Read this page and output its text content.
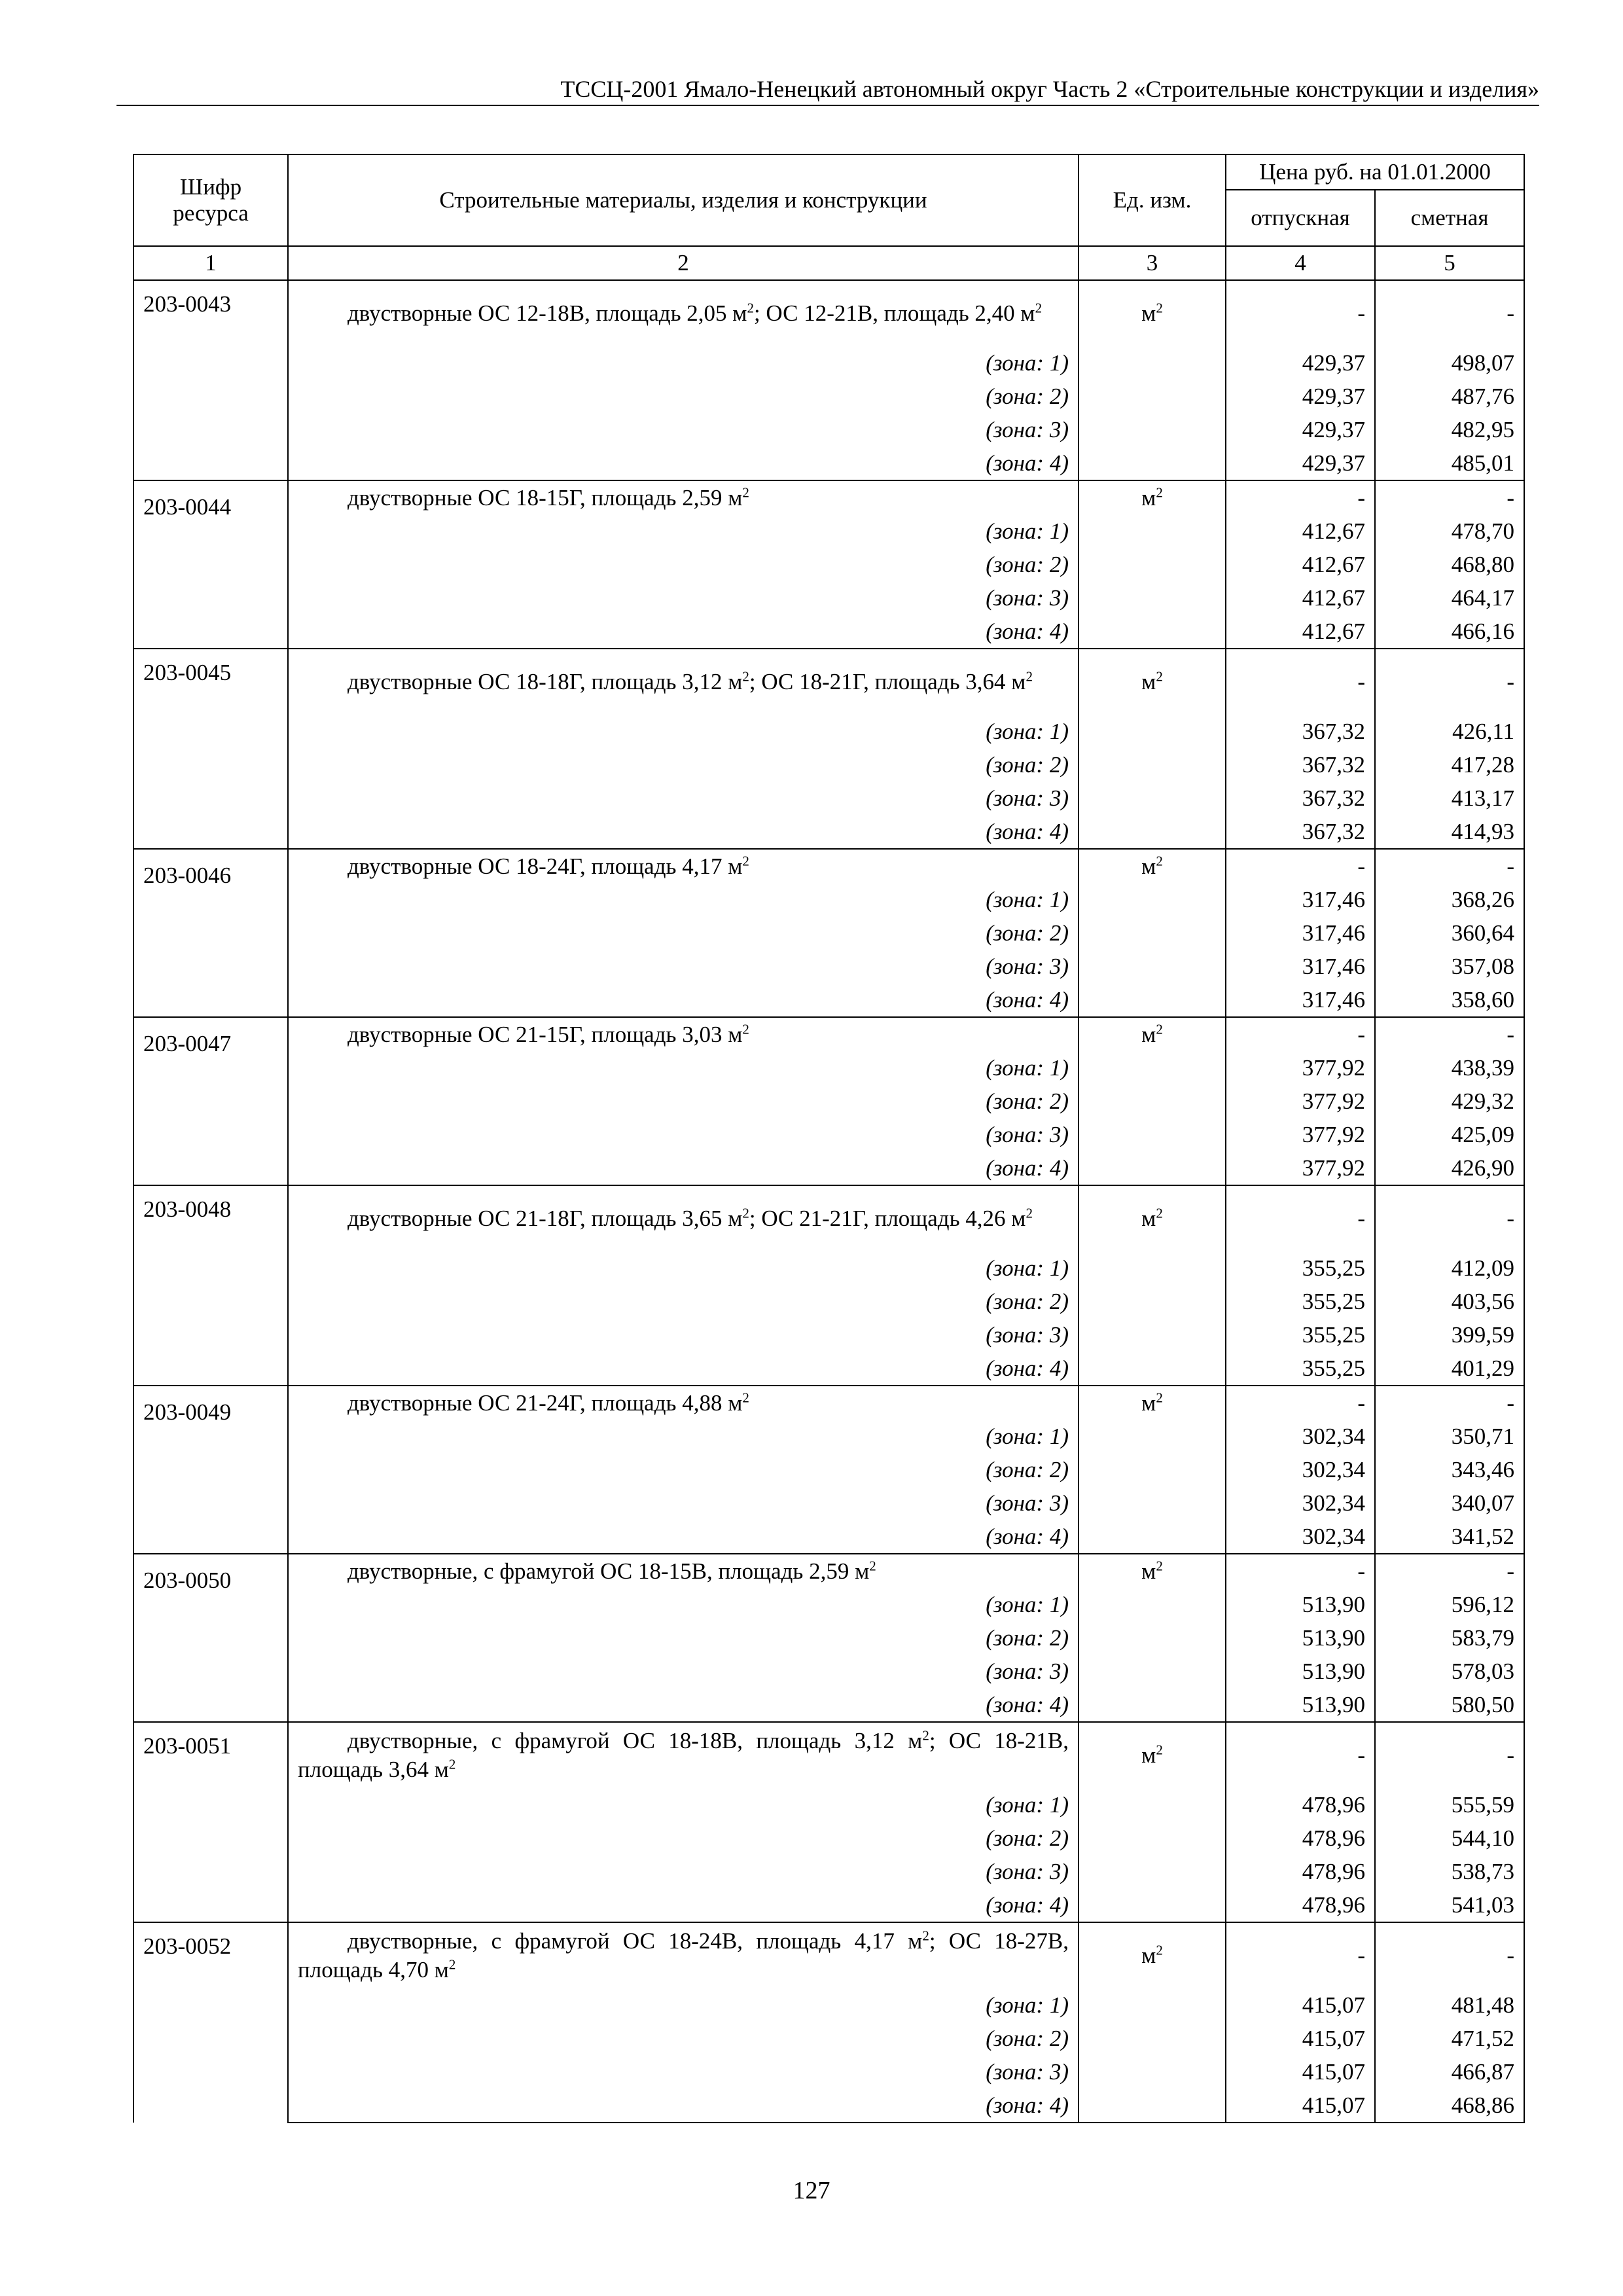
ТССЦ-2001 Ямало-Ненецкий автономный округ Часть 2 «Строительные конструкции и изделия»
Шифр ресурса	Строительные материалы, изделия и конструкции	Ед. изм.	Цена руб. на 01.01.2000	
			отпускная	сметная
1	2	3	4	5
203-0043	двустворные ОС 12-18В, площадь 2,05 $м^2$; ОС 12-21В, площадь 2,40 $м^2$	$м^2$	-	-
	(зона: 1)		429,37	498,07
	(зона: 2)		429,37	487,76
	(зона: 3)		429,37	482,95
	(зона: 4)		429,37	485,01
203-0044	двустворные ОС 18-15Г, площадь 2,59 $м^2$	$м^2$	-	-
	(зона: 1)		412,67	478,70
	(зона: 2)		412,67	468,80
	(зона: 3)		412,67	464,17
	(зона: 4)		412,67	466,16
203-0045	двустворные ОС 18-18Г, площадь 3,12 $м^2$; ОС 18-21Г, площадь 3,64 $м^2$	$м^2$	-	-
	(зона: 1)		367,32	426,11
	(зона: 2)		367,32	417,28
	(зона: 3)		367,32	413,17
	(зона: 4)		367,32	414,93
203-0046	двустворные ОС 18-24Г, площадь 4,17 $м^2$	$м^2$	-	-
	(зона: 1)		317,46	368,26
	(зона: 2)		317,46	360,64
	(зона: 3)		317,46	357,08
	(зона: 4)		317,46	358,60
203-0047	двустворные ОС 21-15Г, площадь 3,03 $м^2$	$м^2$	-	-
	(зона: 1)		377,92	438,39
	(зона: 2)		377,92	429,32
	(зона: 3)		377,92	425,09
	(зона: 4)		377,92	426,90
203-0048	двустворные ОС 21-18Г, площадь 3,65 $м^2$; ОС 21-21Г, площадь 4,26 $м^2$	$м^2$	-	-
	(зона: 1)		355,25	412,09
	(зона: 2)		355,25	403,56
	(зона: 3)		355,25	399,59
	(зона: 4)		355,25	401,29
203-0049	двустворные ОС 21-24Г, площадь 4,88 $м^2$	$м^2$	-	-
	(зона: 1)		302,34	350,71
	(зона: 2)		302,34	343,46
	(зона: 3)		302,34	340,07
	(зона: 4)		302,34	341,52
203-0050	двустворные, с фрамугой ОС 18-15В, площадь 2,59 $м^2$	$м^2$	-	-
	(зона: 1)		513,90	596,12
	(зона: 2)		513,90	583,79
	(зона: 3)		513,90	578,03
	(зона: 4)		513,90	580,50
203-0051	двустворные, с фрамугой ОС 18-18В, площадь 3,12 $м^2$; ОС 18-21В, площадь 3,64 $м^2$	$м^2$	-	-
	(зона: 1)		478,96	555,59
	(зона: 2)		478,96	544,10
	(зона: 3)		478,96	538,73
	(зона: 4)		478,96	541,03
203-0052	двустворные, с фрамугой ОС 18-24В, площадь 4,17 $м^2$; ОС 18-27В, площадь 4,70 $м^2$	$м^2$	-	-
	(зона: 1)		415,07	481,48
	(зона: 2)		415,07	471,52
	(зона: 3)		415,07	466,87
	(зона: 4)		415,07	468,86
127
